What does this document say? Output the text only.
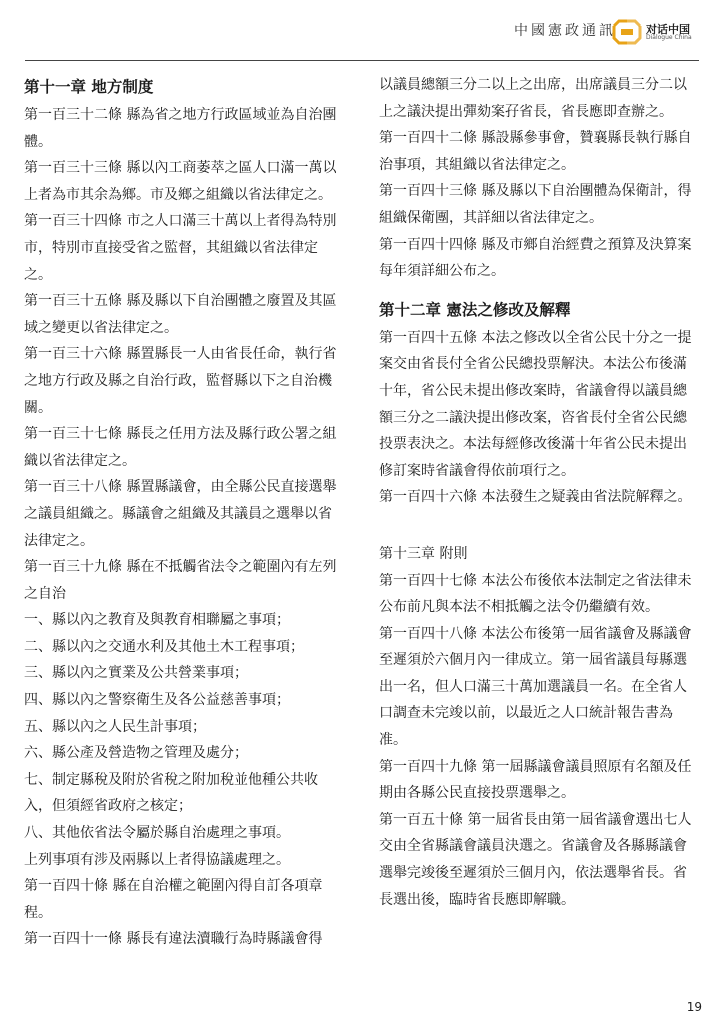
中國憲政通訊	对话中国
Dialogue China
第十一章 地方制度

第一百三十二條 縣為省之地方行政區域並為自治團體。

第一百三十三條 縣以內工商萎萃之區人口滿一萬以上者為市其余為鄉。市及鄉之組織以省法律定之。

第一百三十四條 市之人口滿三十萬以上者得為特別市，特別市直接受省之監督，其組織以省法律定之。

第一百三十五條 縣及縣以下自治團體之廢置及其區域之變更以省法律定之。

第一百三十六條 縣置縣長一人由省長任命，執行省之地方行政及縣之自治行政，監督縣以下之自治機關。

第一百三十七條 縣長之任用方法及縣行政公署之組織以省法律定之。

第一百三十八條 縣置縣議會，由全縣公民直接選舉之議員組織之。縣議會之組織及其議員之選舉以省法律定之。

第一百三十九條 縣在不抵觸省法令之範圍內有左列之自治

一、縣以內之教育及與教育相聯屬之事項；

二、縣以內之交通水利及其他土木工程事項；

三、縣以內之實業及公共營業事項；

四、縣以內之警察衛生及各公益慈善事項；

五、縣以內之人民生計事項；

六、縣公產及營造物之管理及處分；

七、制定縣稅及附於省稅之附加稅並他種公共收入，但須經省政府之核定；

八、其他依省法令屬於縣自治處理之事項。

上列事項有涉及兩縣以上者得協議處理之。

第一百四十條 縣在自治權之範圍內得自訂各項章程。

第一百四十一條 縣長有違法瀆職行為時縣議會得

以議員總額三分二以上之出席，出席議員三分二以上之議決提出彈劾案孖省長，省長應即查辦之。

第一百四十二條 縣設縣參事會，贊襄縣長執行縣自治事項，其組織以省法律定之。

第一百四十三條 縣及縣以下自治團體為保衛計，得組織保衛團，其詳細以省法律定之。

第一百四十四條 縣及市鄉自治經費之預算及決算案每年須詳細公布之。

第十二章 憲法之修改及解釋

第一百四十五條 本法之修改以全省公民十分之一提案交由省長付全省公民總投票解決。本法公布後滿十年，省公民未提出修改案時，省議會得以議員總額三分之二議決提出修改案，咨省長付全省公民總投票表決之。本法每經修改後滿十年省公民未提出修訂案時省議會得依前項行之。

第一百四十六條 本法發生之疑義由省法院解釋之。

第十三章 附則

第一百四十七條 本法公布後依本法制定之省法律未公布前凡與本法不相抵觸之法令仍繼續有效。

第一百四十八條 本法公布後第一屆省議會及縣議會至遲須於六個月內一律成立。第一屆省議員每縣選出一名，但人口滿三十萬加選議員一名。在全省人口調查未完竣以前，以最近之人口統計報告書為准。

第一百四十九條 第一屆縣議會議員照原有名額及任期由各縣公民直接投票選舉之。

第一百五十條 第一屆省長由第一屆省議會選出七人交由全省縣議會議員決選之。省議會及各縣縣議會選舉完竣後至遲須於三個月內，依法選舉省長。省長選出後，臨時省長應即解職。

19
